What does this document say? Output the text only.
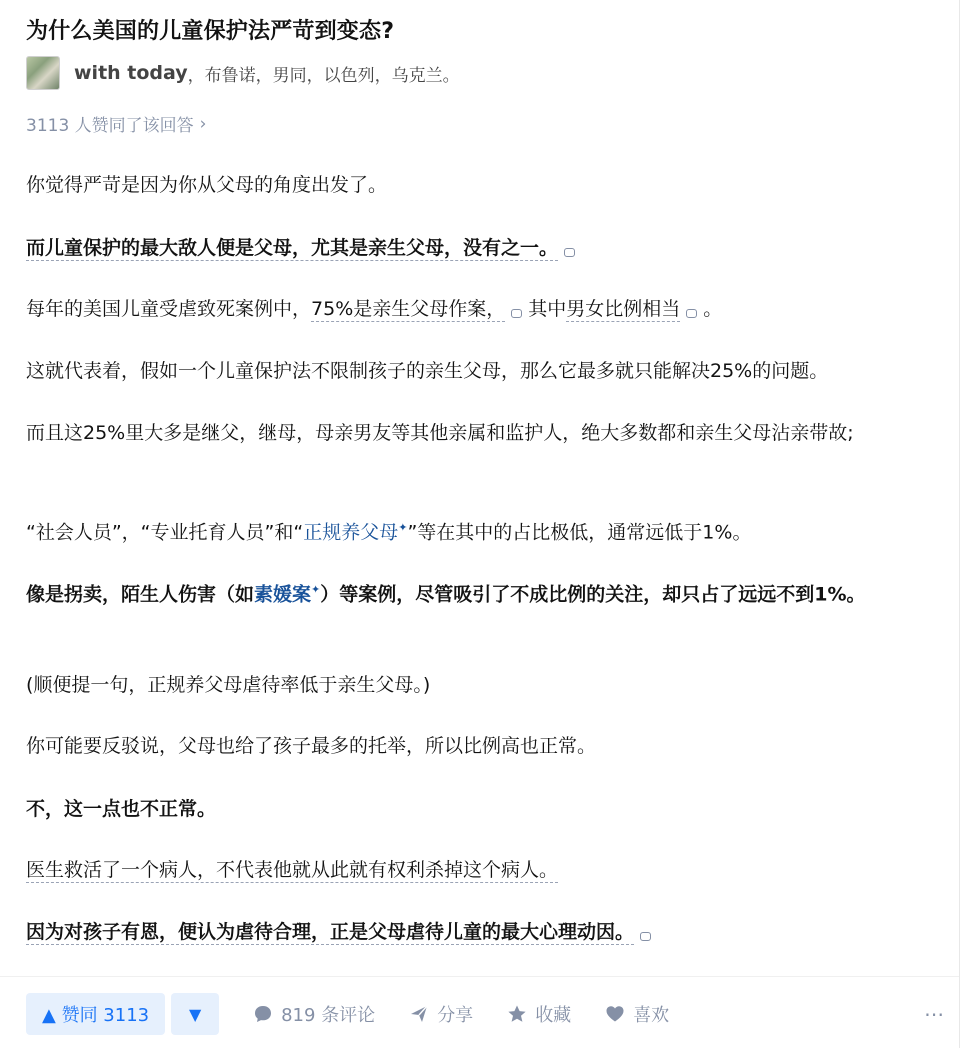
为什么美国的儿童保护法严苛到变态?
with today ，布鲁诺，男同，以色列，乌克兰。
3113 人赞同了该回答 ›

你觉得严苛是因为你从父母的角度出发了。

而儿童保护的最大敌人便是父母，尤其是亲生父母，没有之一。

每年的美国儿童受虐致死案例中，75%是亲生父母作案， 其中男女比例相当 。

这就代表着，假如一个儿童保护法不限制孩子的亲生父母，那么它最多就只能解决25%的问题。

而且这25%里大多是继父，继母，母亲男友等其他亲属和监护人，绝大多数都和亲生父母沾亲带故;

“社会人员”，“专业托育人员”和“正规养父母✦”等在其中的占比极低，通常远低于1%。

像是拐卖，陌生人伤害（如素媛案✦）等案例，尽管吸引了不成比例的关注，却只占了远远不到1%。

(顺便提一句，正规养父母虐待率低于亲生父母。)

你可能要反驳说，父母也给了孩子最多的托举，所以比例高也正常。

不，这一点也不正常。

医生救活了一个病人，不代表他就从此就有权利杀掉这个病人。

因为对孩子有恩，便认为虐待合理，正是父母虐待儿童的最大心理动因。

▲ 赞同 3113 ▼	819 条评论	分享	收藏	喜欢	⋯
